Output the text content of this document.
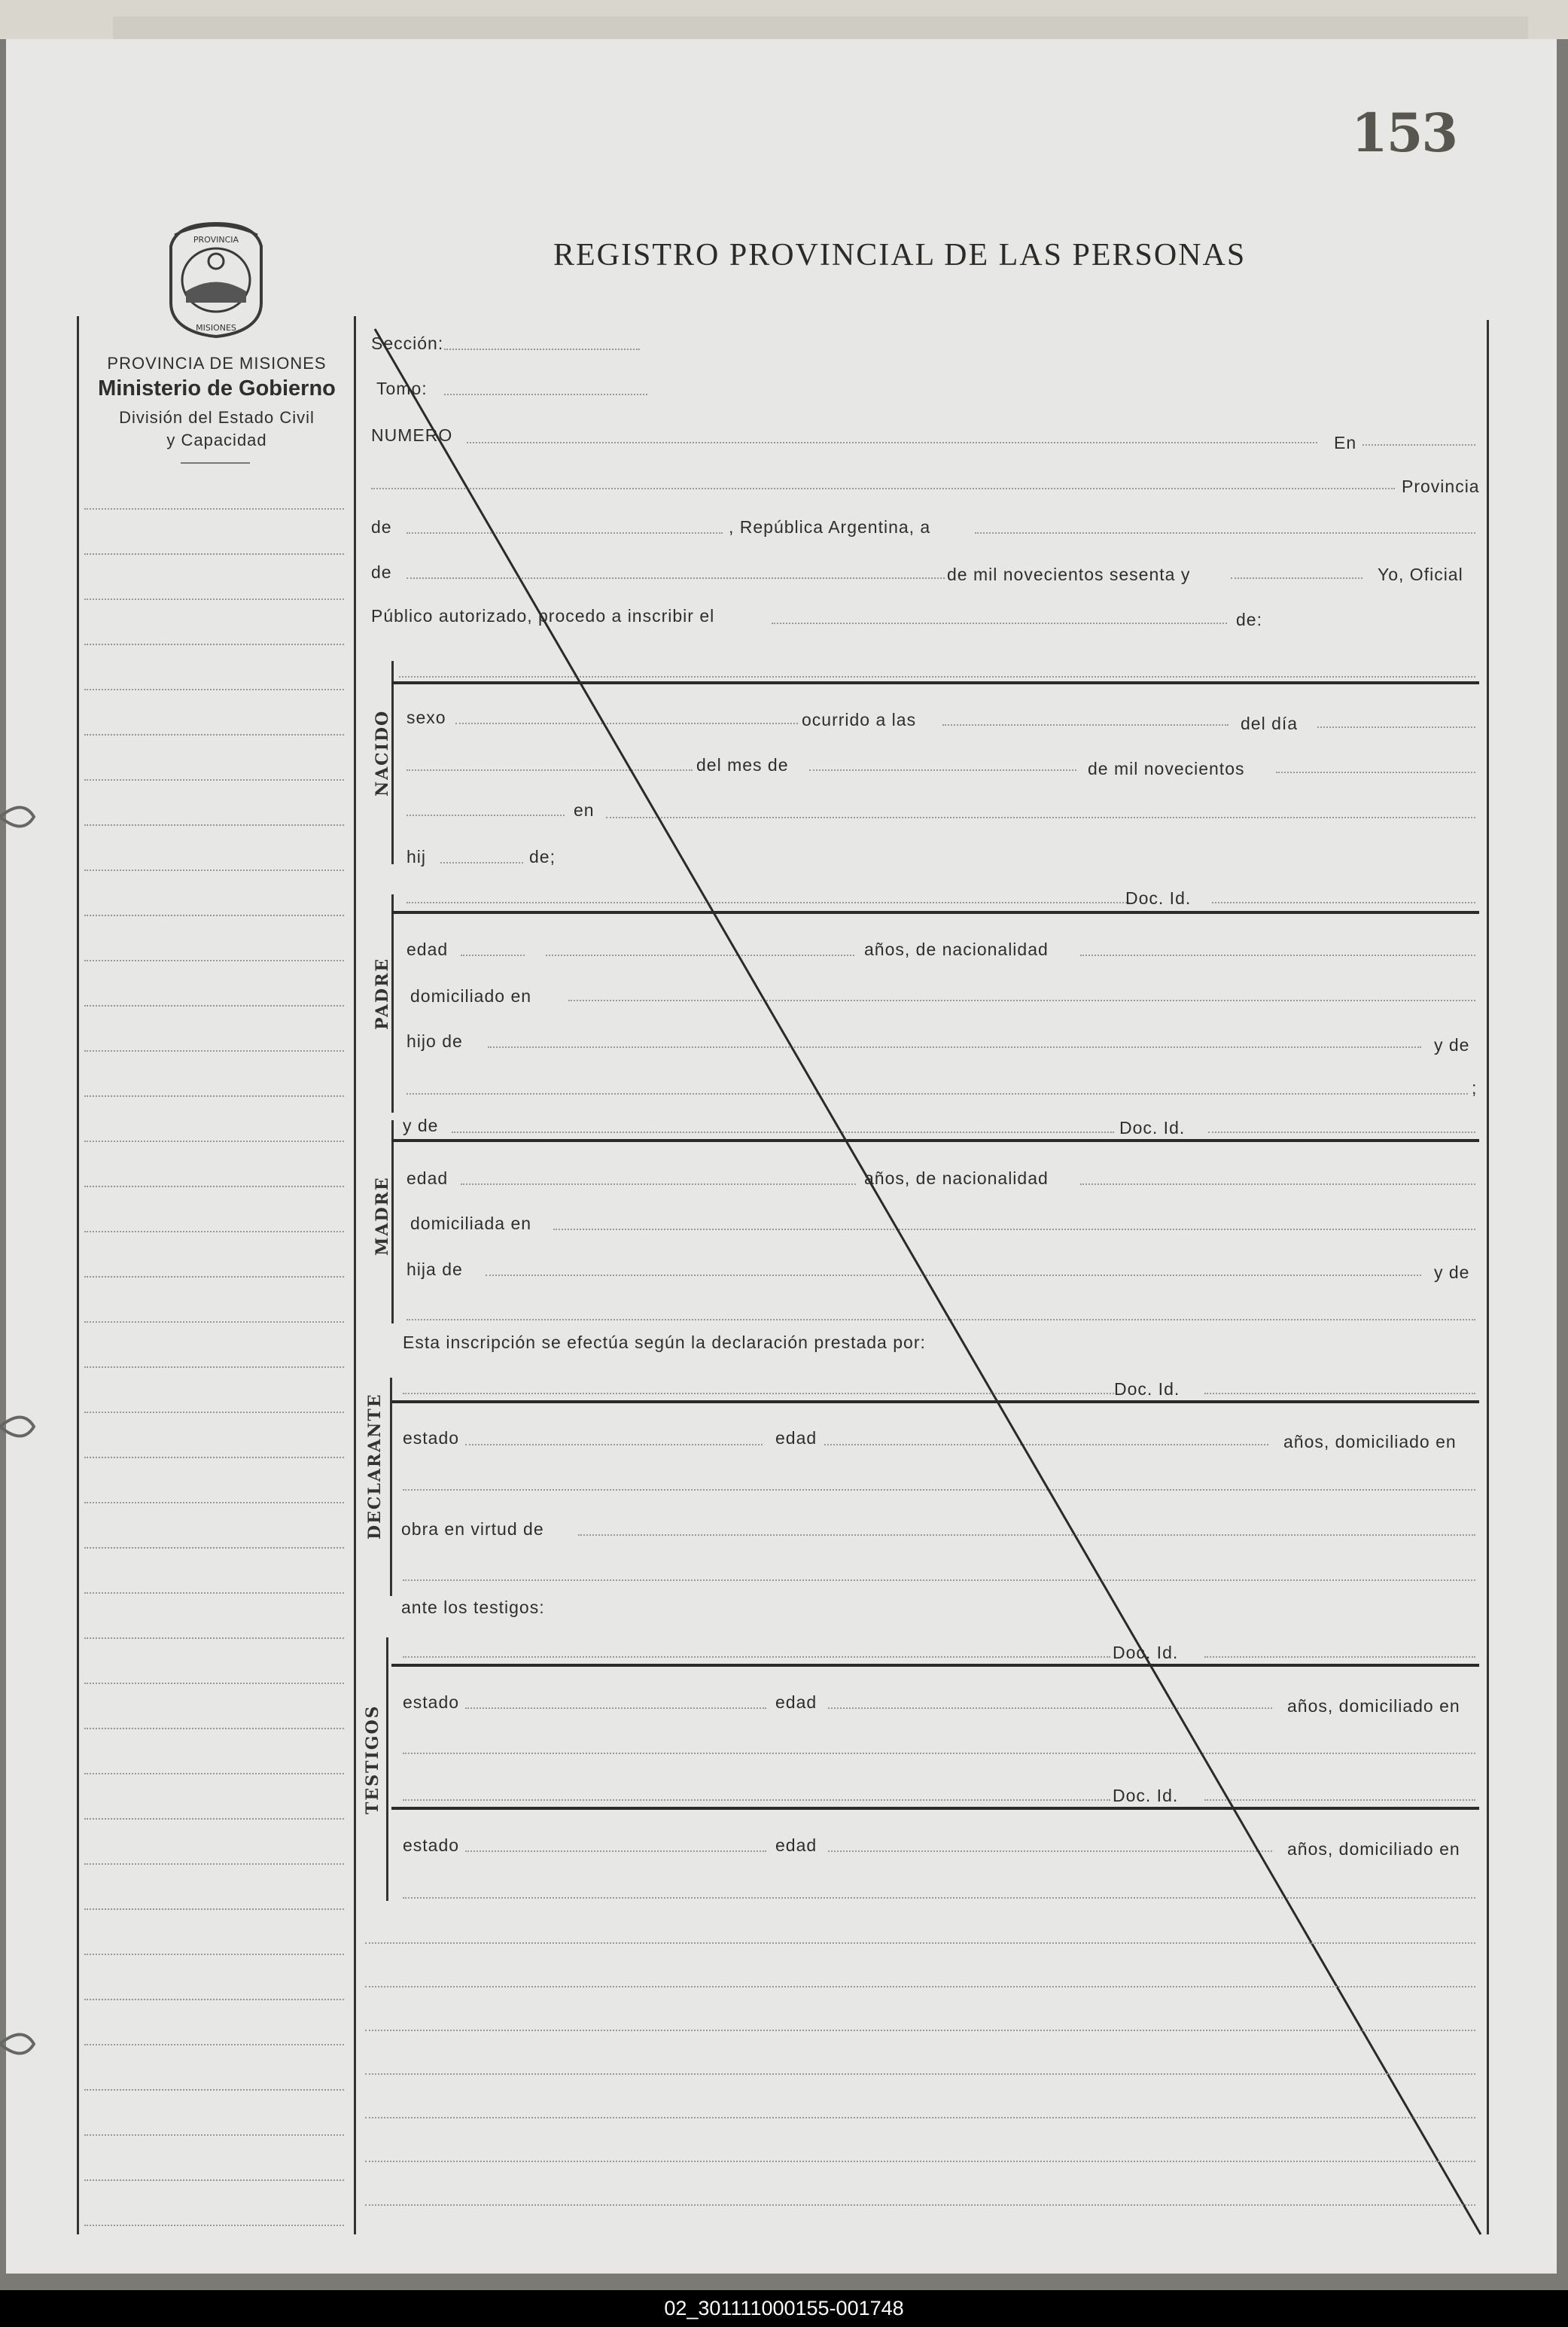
153
REGISTRO PROVINCIAL DE LAS PERSONAS
PROVINCIA
MISIONES
PROVINCIA DE MISIONES
Ministerio de Gobierno
División del Estado Civil
y Capacidad
NACIDO
PADRE
MADRE
DECLARANTE
TESTIGOS
Sección:
Tomo:
NUMERO	En
Provincia
de	, República Argentina, a
de	de mil novecientos sesenta y	Yo, Oficial
Público autorizado, procedo a inscribir el	de:
sexo	ocurrido a las	del día
del mes de	de mil novecientos
en
hij	de;
Doc. Id.
edad	años, de nacionalidad
domiciliado en
hijo de	y de
;
y de	Doc. Id.
edad	años, de nacionalidad
domiciliada en
hija de	y de
Esta inscripción se efectúa según la declaración prestada por:
Doc. Id.
estado	edad	años, domiciliado en
obra en virtud de
ante los testigos:
Doc. Id.
estado	edad	años, domiciliado en
Doc. Id.
estado	edad	años, domiciliado en
02_301111000155-001748
